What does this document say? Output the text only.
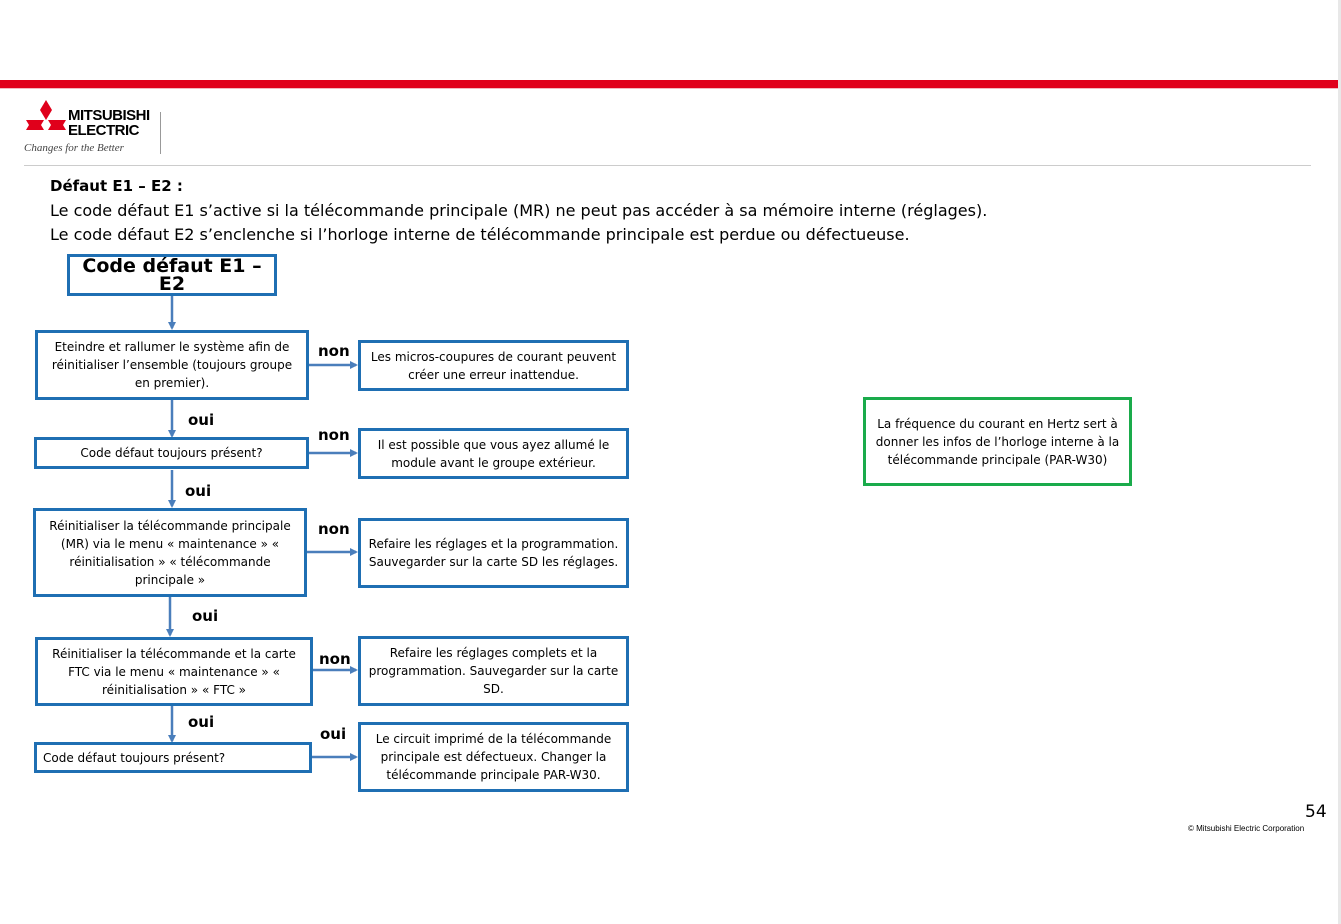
MITSUBISHI
ELECTRIC
Changes for the Better
Défaut E1 – E2 :
Le code défaut E1 s’active si la télécommande principale (MR) ne peut pas accéder à sa mémoire interne (réglages).
Le code défaut E2 s’enclenche si l’horloge interne de télécommande principale est perdue ou défectueuse.
Code défaut E1 – E2
Eteindre et rallumer le système afin de réinitialiser l’ensemble (toujours groupe en premier).
Code défaut toujours présent?
Réinitialiser la télécommande principale (MR) via le menu « maintenance » « réinitialisation » « télécommande principale »
Réinitialiser la télécommande et la carte FTC via le menu « maintenance » « réinitialisation » « FTC »
Code défaut toujours présent?
Les micros-coupures de courant peuvent créer une erreur inattendue.
Il est possible que vous ayez allumé le module avant le groupe extérieur.
Refaire les réglages et la programmation. Sauvegarder sur la carte SD les réglages.
Refaire les réglages complets et la programmation. Sauvegarder sur la carte SD.
Le circuit imprimé de la télécommande principale est défectueux. Changer la télécommande principale PAR-W30.
non
non
non
non
oui
oui
oui
oui
oui
La fréquence du courant en Hertz sert à donner les infos de l’horloge interne à la télécommande principale (PAR-W30)
54
© Mitsubishi Electric Corporation
